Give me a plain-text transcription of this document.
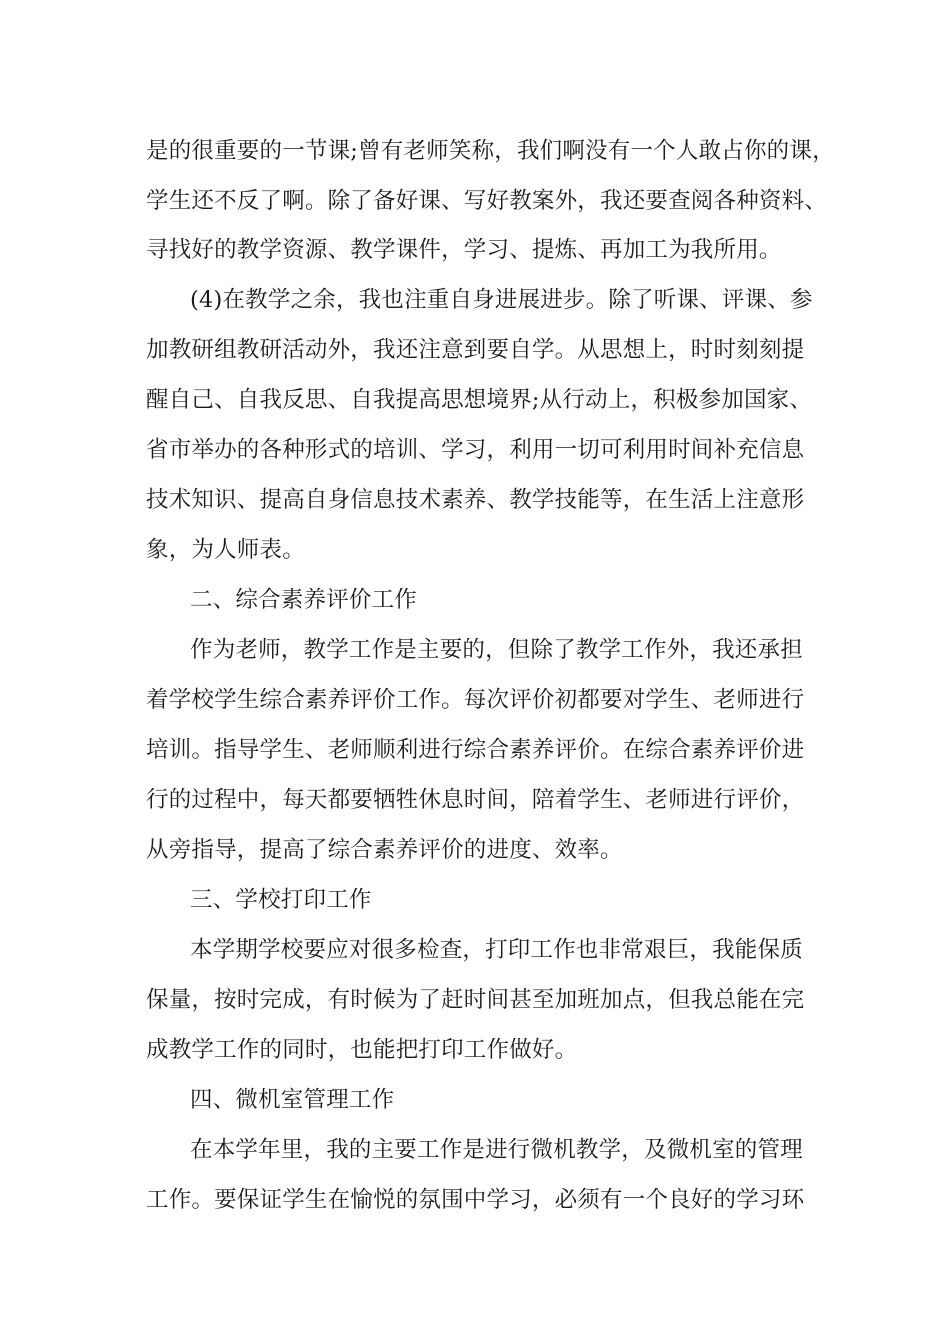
是的很重要的一节课;曾有老师笑称，我们啊没有一个人敢占你的课，

学生还不反了啊。除了备好课、写好教案外，我还要查阅各种资料、

寻找好的教学资源、教学课件，学习、提炼、再加工为我所用。

(4)在教学之余，我也注重自身进展进步。除了听课、评课、参

加教研组教研活动外，我还注意到要自学。从思想上，时时刻刻提

醒自己、自我反思、自我提高思想境界;从行动上，积极参加国家、

省市举办的各种形式的培训、学习，利用一切可利用时间补充信息

技术知识、提高自身信息技术素养、教学技能等，在生活上注意形

象，为人师表。

二、综合素养评价工作

作为老师，教学工作是主要的，但除了教学工作外，我还承担

着学校学生综合素养评价工作。每次评价初都要对学生、老师进行

培训。指导学生、老师顺利进行综合素养评价。在综合素养评价进

行的过程中，每天都要牺牲休息时间，陪着学生、老师进行评价，

从旁指导，提高了综合素养评价的进度、效率。

三、学校打印工作

本学期学校要应对很多检查，打印工作也非常艰巨，我能保质

保量，按时完成，有时候为了赶时间甚至加班加点，但我总能在完

成教学工作的同时，也能把打印工作做好。

四、微机室管理工作

在本学年里，我的主要工作是进行微机教学，及微机室的管理

工作。要保证学生在愉悦的氛围中学习，必须有一个良好的学习环
